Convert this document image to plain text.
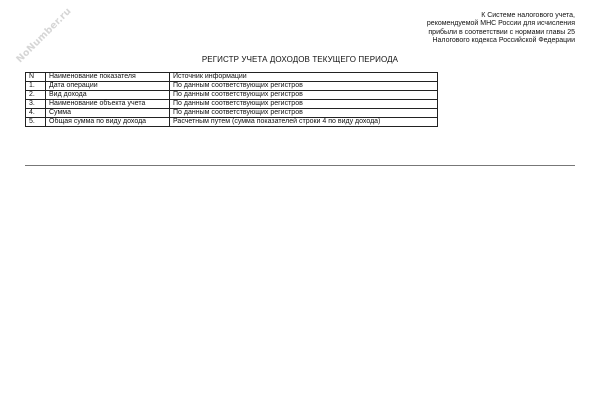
NoNumber.ru	К Системе налогового учета,
рекомендуемой МНС России для исчисления
прибыли в соответствии с нормами главы 25
Налогового кодекса Российской Федерации
РЕГИСТР УЧЕТА ДОХОДОВ ТЕКУЩЕГО ПЕРИОДА
N	Наименование показателя	Источник информации
1.	Дата операции	По данным соответствующих регистров
2.	Вид дохода	По данным соответствующих регистров
3.	Наименование объекта учета	По данным соответствующих регистров
4.	Сумма	По данным соответствующих регистров
5.	Общая сумма по виду дохода	Расчетным путем (сумма показателей строки 4 по виду дохода)
